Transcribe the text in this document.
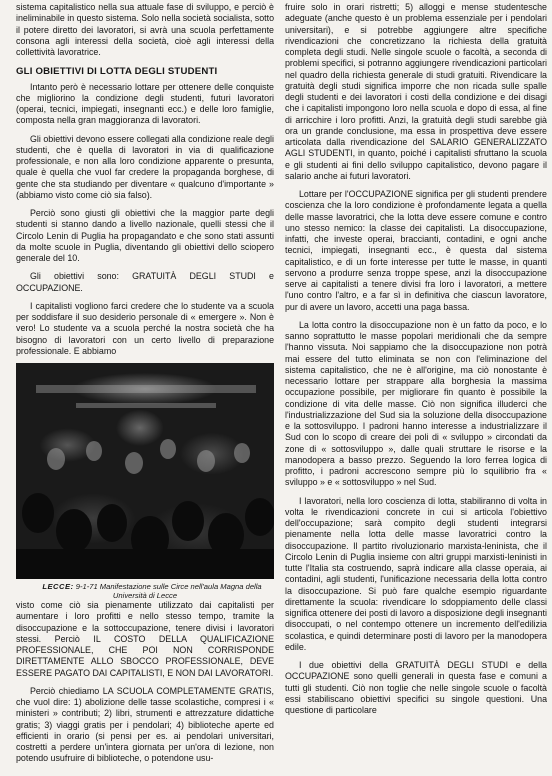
sistema capitalistico nella sua attuale fase di sviluppo, e perciò è ineliminabile in questo sistema. Solo nella società socialista, sotto il potere diretto dei lavoratori, si avrà una scuola perfettamente consona agli interessi della società, cioè agli interessi della collettività lavoratrice.

GLI OBIETTIVI DI LOTTA DEGLI STUDENTI

Intanto però è necessario lottare per ottenere delle conquiste che migliorino la condizione degli studenti, futuri lavoratori (operai, tecnici, impiegati, insegnanti ecc.) e delle loro famiglie, composta nella gran maggioranza di lavoratori.

Gli obiettivi devono essere collegati alla condizione reale degli studenti, che è quella di lavoratori in via di qualificazione professionale, e non alla loro condizione apparente o presunta, quale è quella che vuol far credere la propaganda borghese, di gente che sta studiando per diventare « qualcuno d'importante » (abbiamo visto come ciò sia falso).

Perciò sono giusti gli obiettivi che la maggior parte degli studenti si stanno dando a livello nazionale, quelli stessi che il Circolo Lenin di Puglia ha propagandato e che sono stati assunti da molte scuole in Puglia, diventando gli obiettivi dello sciopero generale del 10.

Gli obiettivi sono: GRATUITÀ DEGLI STUDI e OCCUPAZIONE.

I capitalisti vogliono farci credere che lo studente va a scuola per soddisfare il suo desiderio personale di « emergere ». Non è vero! Lo studente va a scuola perché la nostra società che ha bisogno di lavoratori con un certo livello di preparazione professionale. E abbiamo

LECCE: 9-1-71 Manifestazione sulle Circe nell'aula Magna della Università di Lecce

visto come ciò sia pienamente utilizzato dai capitalisti per aumentare i loro profitti e nello stesso tempo, tramite la disoccupazione e la sottoccupazione, tenere divisi i lavoratori stessi. Perciò IL COSTO DELLA QUALIFICAZIONE PROFESSIONALE, CHE POI NON CORRISPONDE DIRETTAMENTE ALLO SBOCCO PROFESSIONALE, DEVE ESSERE PAGATO DAI CAPITALISTI, E NON DAI LAVORATORI.

Perciò chiediamo LA SCUOLA COMPLETAMENTE GRATIS, che vuol dire: 1) abolizione delle tasse scolastiche, compresi i « ministeri » contributi; 2) libri, strumenti e attrezzature didattiche gratis; 3) viaggi gratis per i pendolari; 4) biblioteche aperte ed efficienti in orario (si pensi per es. ai pendolari universitari, costretti a perdere un'intera giornata per un'ora di lezione, non potendo usufruire di biblioteche, o potendone usu-

fruire solo in orari ristretti; 5) alloggi e mense studentesche adeguate (anche questo è un problema essenziale per i pendolari universitari), e si potrebbe aggiungere altre specifiche rivendicazioni che concretizzano la richiesta della gratuità completa degli studi. Nelle singole scuole o facoltà, a seconda di problemi specifici, si potranno aggiungere rivendicazioni particolari nel quadro della richiesta generale di studi gratuiti. Rivendicare la gratuità degli studi significa imporre che non ricada sulle spalle degli studenti e dei lavoratori i costi della condizione e dei disagi che i capitalisti impongono loro nella scuola e dopo di essa, al fine di arricchire i loro profitti. Anzi, la gratuità degli studi sarebbe già ora un grande conclusione, ma essa in prospettiva deve essere articolata dalla rivendicazione del SALARIO GENERALIZZATO AGLI STUDENTI, in quanto, poiché i capitalisti sfruttano la scuola e gli studenti ai fini dello sviluppo capitalistico, devono pagare il salario anche ai futuri lavoratori.

Lottare per l'OCCUPAZIONE significa per gli studenti prendere coscienza che la loro condizione è profondamente legata a quella delle masse lavoratrici, che la lotta deve essere comune e contro uno stesso nemico: la classe dei capitalisti. La disoccupazione, infatti, che investe operai, braccianti, contadini, e ogni anche tecnici, impiegati, insegnanti ecc., è questa dal sistema capitalistico, e di un forte interesse per tutte le masse, in quanti servono a produrre senza troppe spese, anzi la disoccupazione serve ai capitalisti a tenere divisi fra loro i lavoratori, a mettere l'uno contro l'altro, e a far sì in definitiva che ciascun lavoratore, pur di avere un lavoro, accetti una paga bassa.

La lotta contro la disoccupazione non è un fatto da poco, e lo sanno soprattutto le masse popolari meridionali che da sempre l'hanno vissuta. Noi sappiamo che la disoccupazione non potrà mai essere del tutto eliminata se non con l'eliminazione del sistema capitalistico, che ne è all'origine, ma ciò nonostante è necessario lottare per strappare alla borghesia la massima occupazione possibile, per migliorare fin quanto è possibile la condizione di vita delle masse. Ciò non significa illuderci che l'industrializzazione del Sud sia la soluzione della disoccupazione e la sottosviluppo. I padroni hanno interesse a industrializzare il Sud con lo scopo di creare dei poli di « sviluppo » circondati da zone di « sottosviluppo », dalle quali struttare le risorse e la manodopera a basso prezzo. Seguendo la loro ferrea logica di profitto, i padroni accrescono sempre più lo squilibrio fra « sviluppo » e « sottosviluppo » nel Sud.

I lavoratori, nella loro coscienza di lotta, stabiliranno di volta in volta le rivendicazioni concrete in cui si articola l'obiettivo dell'occupazione; sarà compito degli studenti integrarsi pienamente nella lotta delle masse lavoratrici contro la disoccupazione. Il partito rivoluzionario marxista-leninista, che il Circolo Lenin di Puglia insieme con altri gruppi marxisti-leninisti in tutte l'Italia sta costruendo, saprà indicare alla classe operaia, ai contadini, agli studenti, l'unificazione necessaria della lotta contro la disoccupazione. Si può fare qualche esempio riguardante direttamente la scuola: rivendicare lo sdoppiamento delle classi significa ottenere dei posti di lavoro a disposizione degli insegnanti disoccupati, o nel contempo ottenere un incremento dell'edilizia scolastica, e quindi determinare posti di lavoro per la manodopera edile.

I due obiettivi della GRATUITÀ DEGLI STUDI e della OCCUPAZIONE sono quelli generali in questa fase e comuni a tutti gli studenti. Ciò non toglie che nelle singole scuole o facoltà essi stabiliscano obiettivi specifici su singole questioni. Una questione di particolare
